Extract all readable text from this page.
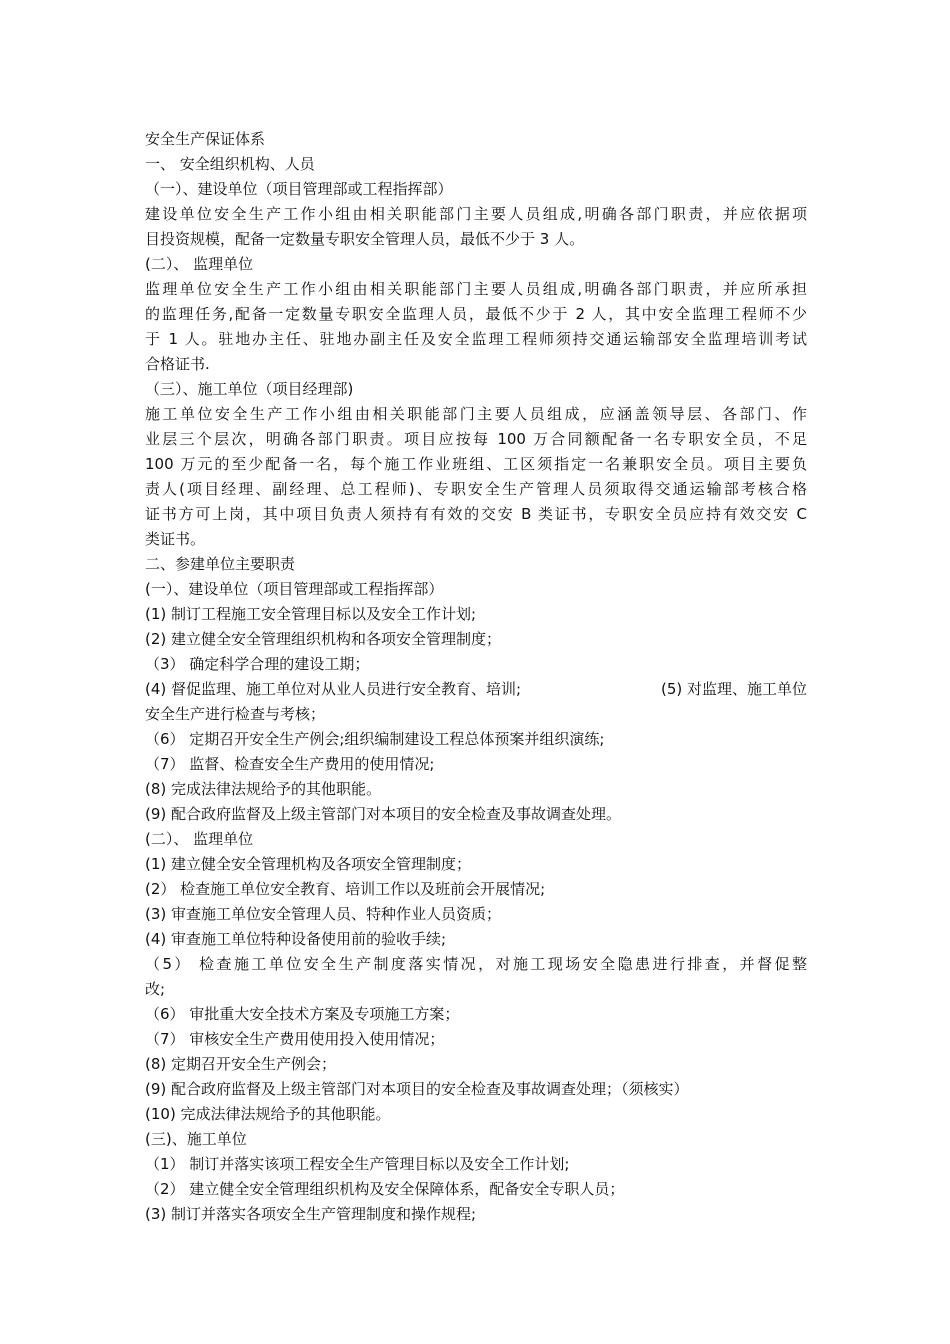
安全生产保证体系
一、 安全组织机构、人员
（一）、建设单位（项目管理部或工程指挥部）
建设单位安全生产工作小组由相关职能部门主要人员组成,明确各部门职责，并应依据项
目投资规模，配备一定数量专职安全管理人员，最低不少于 3 人。
(二）、 监理单位
监理单位安全生产工作小组由相关职能部门主要人员组成,明确各部门职责，并应所承担
的监理任务,配备一定数量专职安全监理人员，最低不少于 2 人，其中安全监理工程师不少
于 1 人。驻地办主任、驻地办副主任及安全监理工程师须持交通运输部安全监理培训考试
合格证书.
（三）、施工单位（项目经理部)
施工单位安全生产工作小组由相关职能部门主要人员组成，应涵盖领导层、各部门、作
业层三个层次，明确各部门职责。项目应按每 100 万合同额配备一名专职安全员，不足
100 万元的至少配备一名，每个施工作业班组、工区须指定一名兼职安全员。项目主要负
责人(项目经理、副经理、总工程师)、专职安全生产管理人员须取得交通运输部考核合格
证书方可上岗，其中项目负责人须持有有效的交安 B 类证书，专职安全员应持有效交安 C
类证书。
二、参建单位主要职责
(一）、建设单位（项目管理部或工程指挥部）
(1) 制订工程施工安全管理目标以及安全工作计划;
(2) 建立健全安全管理组织机构和各项安全管理制度；
（3） 确定科学合理的建设工期；
(4) 督促监理、施工单位对从业人员进行安全教育、培训;	(5) 对监理、施工单位
安全生产进行检查与考核；
（6） 定期召开安全生产例会;组织编制建设工程总体预案并组织演练;
（7） 监督、检查安全生产费用的使用情况;
(8) 完成法律法规给予的其他职能。
(9) 配合政府监督及上级主管部门对本项目的安全检查及事故调查处理。
(二）、 监理单位
(1) 建立健全安全管理机构及各项安全管理制度；
(2） 检查施工单位安全教育、培训工作以及班前会开展情况;
(3) 审查施工单位安全管理人员、特种作业人员资质；
(4) 审查施工单位特种设备使用前的验收手续;
（5） 检查施工单位安全生产制度落实情况，对施工现场安全隐患进行排查，并督促整
改;
（6） 审批重大安全技术方案及专项施工方案；
（7） 审核安全生产费用使用投入使用情况；
(8) 定期召开安全生产例会；
(9) 配合政府监督及上级主管部门对本项目的安全检查及事故调查处理；（须核实）
(10) 完成法律法规给予的其他职能。
(三)、施工单位
（1） 制订并落实该项工程安全生产管理目标以及安全工作计划;
（2） 建立健全安全管理组织机构及安全保障体系，配备安全专职人员；
(3) 制订并落实各项安全生产管理制度和操作规程;
